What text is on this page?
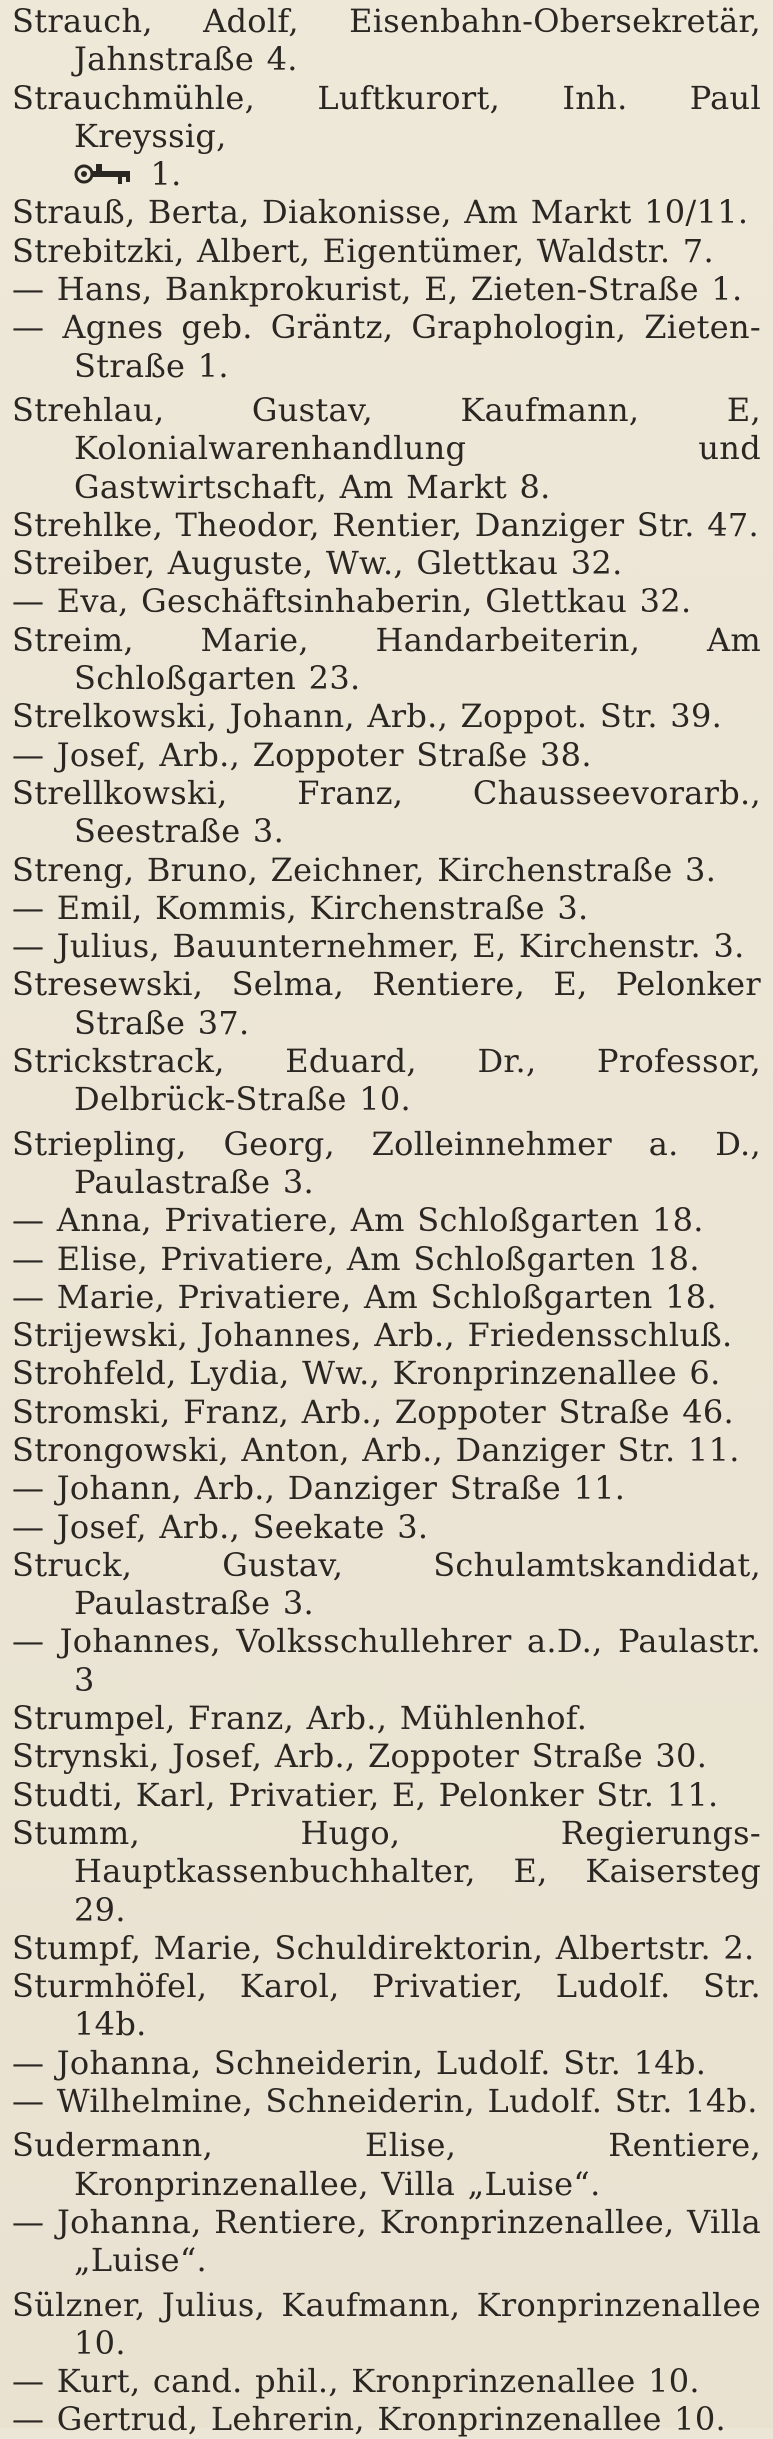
Strauch, Adolf, Eisenbahn-Obersekretär, Jahnstraße 4.
Strauchmühle, Luftkurort, Inh. Paul Kreyssig,
1.
Strauß, Berta, Diakonisse, Am Markt 10/11.
Strebitzki, Albert, Eigentümer, Waldstr. 7.
— Hans, Bankprokurist, E, Zieten-Straße 1.
— Agnes geb. Gräntz, Graphologin, Zieten-Straße 1.
Strehlau, Gustav, Kaufmann, E, Kolonialwarenhandlung und Gastwirtschaft, Am Markt 8.
Strehlke, Theodor, Rentier, Danziger Str. 47.
Streiber, Auguste, Ww., Glettkau 32.
— Eva, Geschäftsinhaberin, Glettkau 32.
Streim, Marie, Handarbeiterin, Am Schloßgarten 23.
Strelkowski, Johann, Arb., Zoppot. Str. 39.
— Josef, Arb., Zoppoter Straße 38.
Strellkowski, Franz, Chausseevorarb., Seestraße 3.
Streng, Bruno, Zeichner, Kirchenstraße 3.
— Emil, Kommis, Kirchenstraße 3.
— Julius, Bauunternehmer, E, Kirchenstr. 3.
Stresewski, Selma, Rentiere, E, Pelonker Straße 37.
Strickstrack, Eduard, Dr., Professor, Delbrück-Straße 10.
Striepling, Georg, Zolleinnehmer a. D., Paulastraße 3.
— Anna, Privatiere, Am Schloßgarten 18.
— Elise, Privatiere, Am Schloßgarten 18.
— Marie, Privatiere, Am Schloßgarten 18.
Strijewski, Johannes, Arb., Friedensschluß.
Strohfeld, Lydia, Ww., Kronprinzenallee 6.
Stromski, Franz, Arb., Zoppoter Straße 46.
Strongowski, Anton, Arb., Danziger Str. 11.
— Johann, Arb., Danziger Straße 11.
— Josef, Arb., Seekate 3.
Struck, Gustav, Schulamtskandidat, Paulastraße 3.
— Johannes, Volksschullehrer a.D., Paulastr. 3
Strumpel, Franz, Arb., Mühlenhof.
Strynski, Josef, Arb., Zoppoter Straße 30.
Studti, Karl, Privatier, E, Pelonker Str. 11.
Stumm, Hugo, Regierungs-Hauptkassenbuchhalter, E, Kaisersteg 29.
Stumpf, Marie, Schuldirektorin, Albertstr. 2.
Sturmhöfel, Karol, Privatier, Ludolf. Str. 14b.
— Johanna, Schneiderin, Ludolf. Str. 14b.
— Wilhelmine, Schneiderin, Ludolf. Str. 14b.
Sudermann, Elise, Rentiere, Kronprinzenallee, Villa „Luise“.
— Johanna, Rentiere, Kronprinzenallee, Villa „Luise“.
Sülzner, Julius, Kaufmann, Kronprinzenallee 10.
— Kurt, cand. phil., Kronprinzenallee 10.
— Gertrud, Lehrerin, Kronprinzenallee 10.
